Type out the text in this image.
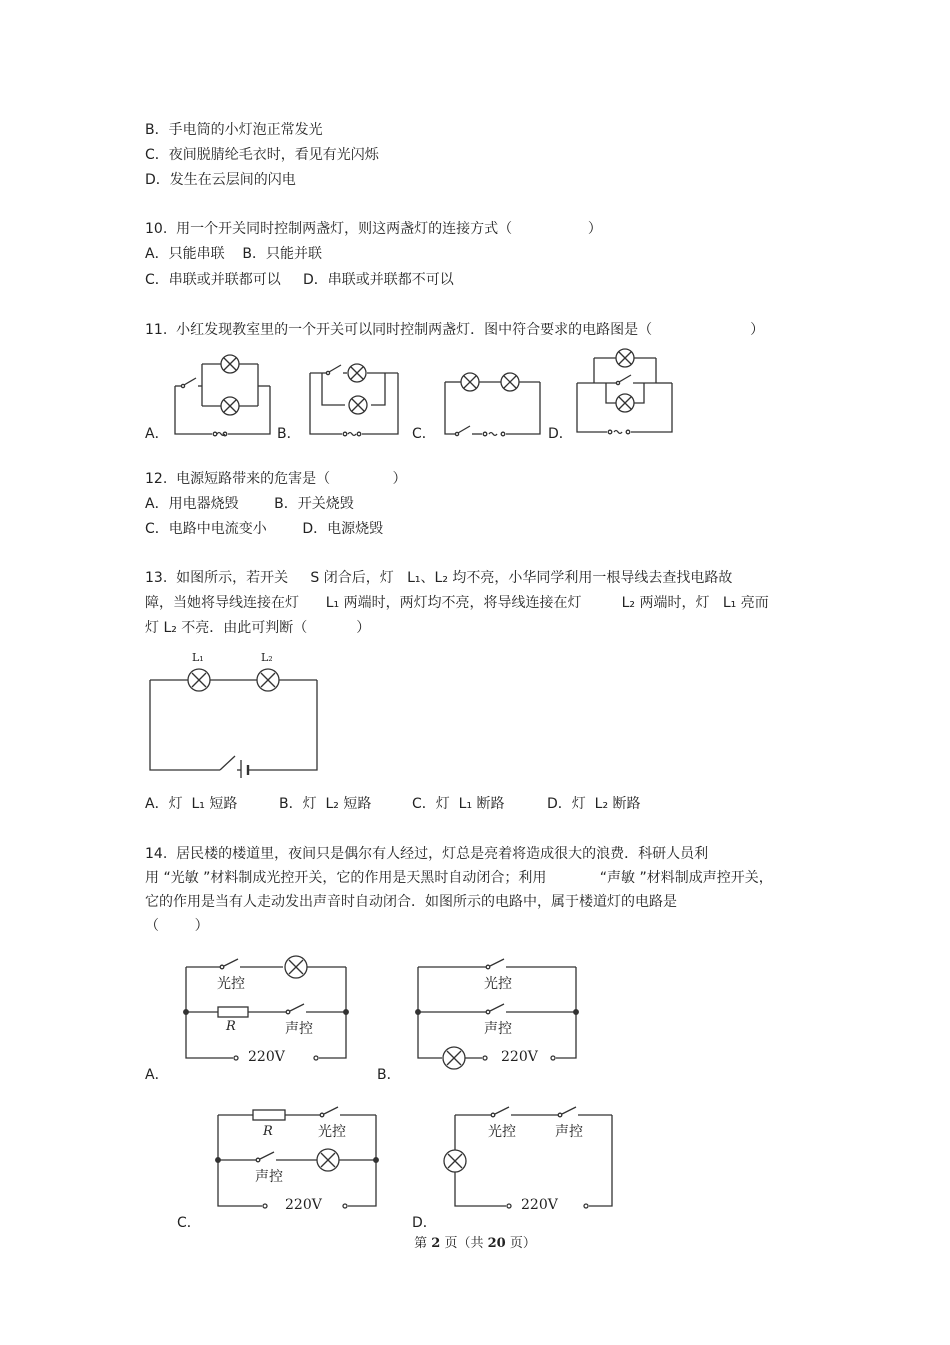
B．手电筒的小灯泡正常发光
C．夜间脱腈纶毛衣时，看见有光闪烁
D．发生在云层间的闪电
10.  用一个开关同时控制两盏灯，则这两盏灯的连接方式（                 ）
A．只能串联    B．只能并联
C．串联或并联都可以     D．串联或并联都不可以
11.  小红发现教室里的一个开关可以同时控制两盏灯．图中符合要求的电路图是（                      ）
A．	B．	C．	D．
12.  电源短路带来的危害是（              ）
A．用电器烧毁        B．开关烧毁
C．电路中电流变小        D．电源烧毁
13.  如图所示，若开关     S 闭合后，灯   L₁、L₂ 均不亮，小华同学利用一根导线去查找电路故
障，当她将导线连接在灯      L₁ 两端时，两灯均不亮，将导线连接在灯         L₂ 两端时，灯   L₁ 亮而
灯 L₂ 不亮．由此可判断（           ）
L₁	L₂
A．灯  L₁ 短路	B．灯  L₂ 短路	C．灯  L₁ 断路	D．灯  L₂ 断路
14.  居民楼的楼道里，夜间只是偶尔有人经过，灯总是亮着将造成很大的浪费．科研人员利
用 “光敏 ”材料制成光控开关，它的作用是天黑时自动闭合；利用            “声敏 ”材料制成声控开关，
它的作用是当有人走动发出声音时自动闭合．如图所示的电路中，属于楼道灯的电路是
（        ）
光控
R	声控
220V
A．
光控
声控
220V
B．
R	光控
声控
220V
C．
光控	声控
220V
D．
第 2 页（共 20 页）
